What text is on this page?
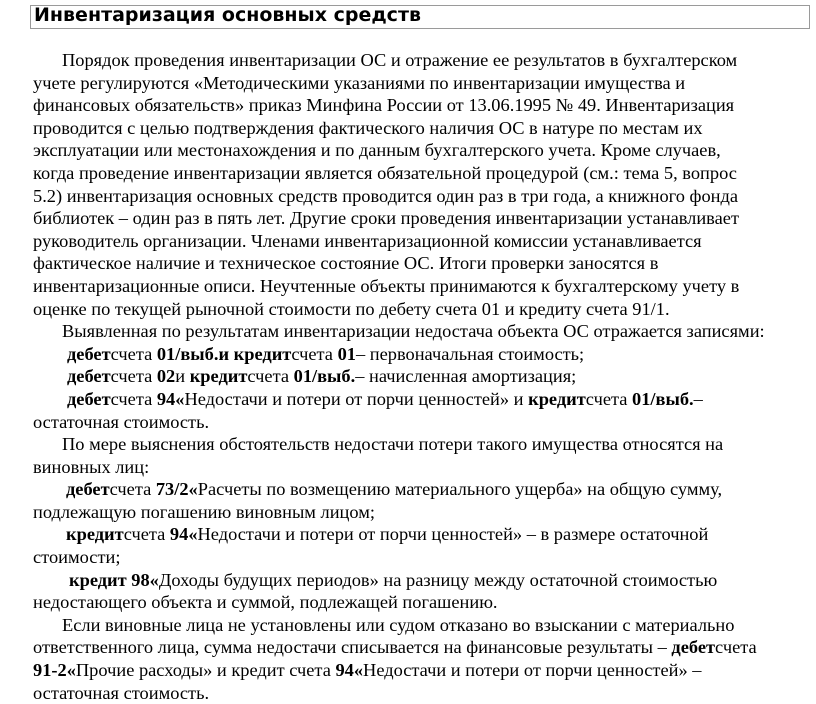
Инвентаризация основных средств

Порядок проведения инвентаризации ОС и отражение ее результатов в бухгалтерском

учете регулируются «Методическими указаниями по инвентаризации имущества и

финансовых обязательств» приказ Минфина России от 13.06.1995 № 49. Инвентаризация

проводится с целью подтверждения фактического наличия ОС в натуре по местам их

эксплуатации или местонахождения и по данным бухгалтерского учета. Кроме случаев,

когда проведение инвентаризации является обязательной процедурой (см.: тема 5, вопрос

5.2) инвентаризация основных средств проводится один раз в три года, а книжного фонда

библиотек – один раз в пять лет. Другие сроки проведения инвентаризации устанавливает

руководитель организации. Членами инвентаризационной комиссии устанавливается

фактическое наличие и техническое состояние ОС. Итоги проверки заносятся в

инвентаризационные описи. Неучтенные объекты принимаются к бухгалтерскому учету в

оценке по текущей рыночной стоимости по дебету счета 01 и кредиту счета 91/1.

Выявленная по результатам инвентаризации недостача объекта ОС отражается записями:

дебетсчета 01/выб.и кредитсчета 01– первоначальная стоимость;

дебетсчета 02и кредитсчета 01/выб.– начисленная амортизация;

дебетсчета 94«Недостачи и потери от порчи ценностей» и кредитсчета 01/выб.–

остаточная стоимость.

По мере выяснения обстоятельств недостачи потери такого имущества относятся на

виновных лиц:

дебетсчета 73/2«Расчеты по возмещению материального ущерба» на общую сумму,

подлежащую погашению виновным лицом;

кредитсчета 94«Недостачи и потери от порчи ценностей» – в размере остаточной

стоимости;

кредит 98«Доходы будущих периодов» на разницу между остаточной стоимостью

недостающего объекта и суммой, подлежащей погашению.

Если виновные лица не установлены или судом отказано во взыскании с материально

ответственного лица, сумма недостачи списывается на финансовые результаты – дебетсчета

91-2«Прочие расходы» и кредит счета 94«Недостачи и потери от порчи ценностей» –

остаточная стоимость.
